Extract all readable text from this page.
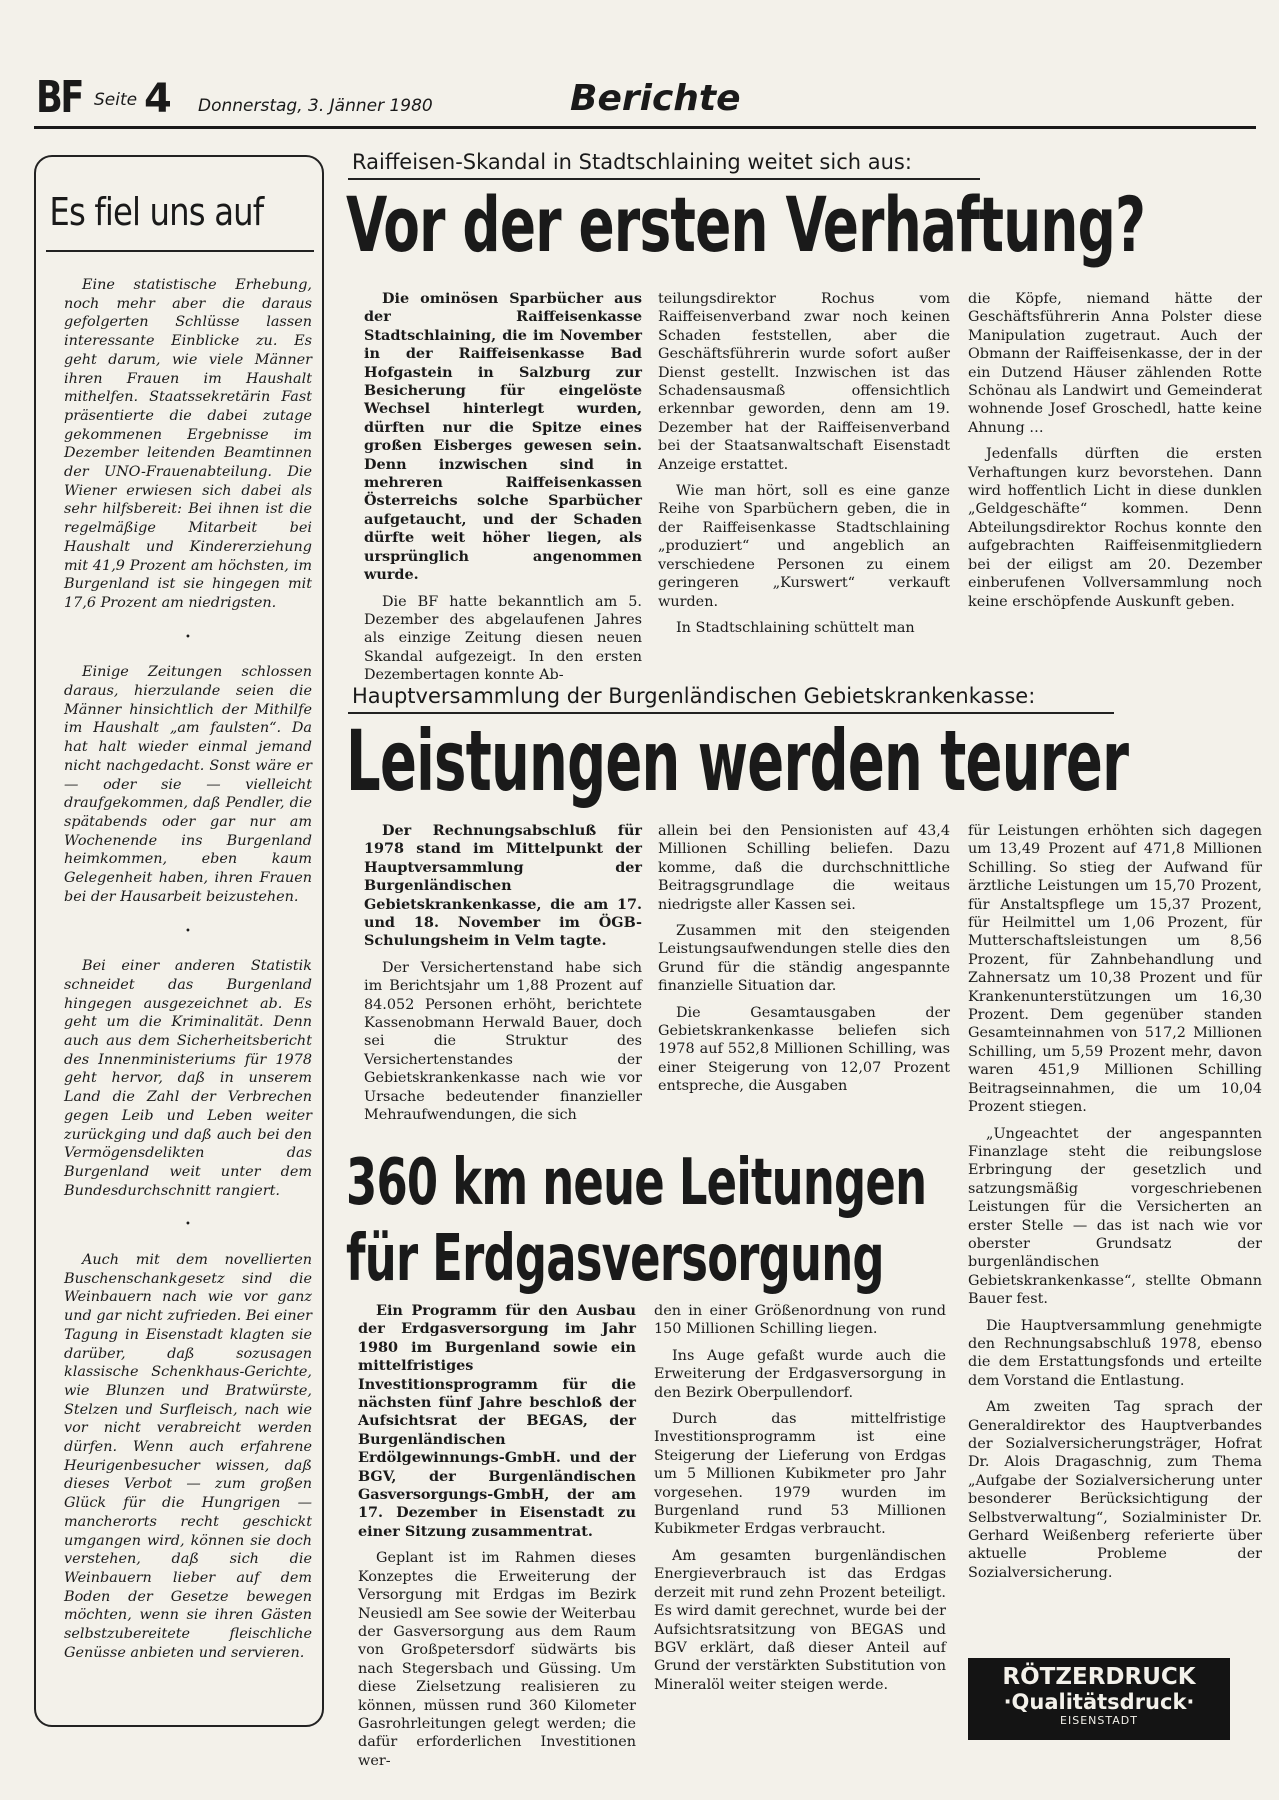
BF Seite 4 Donnerstag, 3. Jänner 1980	Berichte
Es fiel uns auf

Eine statistische Erhebung, noch mehr aber die daraus gefolgerten Schlüsse lassen interessante Einblicke zu. Es geht darum, wie viele Männer ihren Frauen im Haushalt mithelfen. Staatssekretärin Fast präsentierte die dabei zutage gekommenen Ergebnisse im Dezember leitenden Beamtinnen der UNO-Frauenabteilung. Die Wiener erwiesen sich dabei als sehr hilfsbereit: Bei ihnen ist die regelmäßige Mitarbeit bei Haushalt und Kindererziehung mit 41,9 Prozent am höchsten, im Burgenland ist sie hingegen mit 17,6 Prozent am niedrigsten.

•

Einige Zeitungen schlossen daraus, hierzulande seien die Männer hinsichtlich der Mithilfe im Haushalt „am faulsten“. Da hat halt wieder einmal jemand nicht nachgedacht. Sonst wäre er — oder sie — vielleicht draufgekommen, daß Pendler, die spätabends oder gar nur am Wochenende ins Burgenland heimkommen, eben kaum Gelegenheit haben, ihren Frauen bei der Hausarbeit beizustehen.

•

Bei einer anderen Statistik schneidet das Burgenland hingegen ausgezeichnet ab. Es geht um die Kriminalität. Denn auch aus dem Sicherheitsbericht des Innenministeriums für 1978 geht hervor, daß in unserem Land die Zahl der Verbrechen gegen Leib und Leben weiter zurückging und daß auch bei den Vermögensdelikten das Burgenland weit unter dem Bundesdurchschnitt rangiert.

•

Auch mit dem novellierten Buschenschankgesetz sind die Weinbauern nach wie vor ganz und gar nicht zufrieden. Bei einer Tagung in Eisenstadt klagten sie darüber, daß sozusagen klassische Schenkhaus-Gerichte, wie Blunzen und Bratwürste, Stelzen und Surfleisch, nach wie vor nicht verabreicht werden dürfen. Wenn auch erfahrene Heurigenbesucher wissen, daß dieses Verbot — zum großen Glück für die Hungrigen — mancherorts recht geschickt umgangen wird, können sie doch verstehen, daß sich die Weinbauern lieber auf dem Boden der Gesetze bewegen möchten, wenn sie ihren Gästen selbstzubereitete fleischliche Genüsse anbieten und servieren.

Raiffeisen-Skandal in Stadtschlaining weitet sich aus:
Vor der ersten Verhaftung?

Die ominösen Sparbücher aus der Raiffeisenkasse Stadtschlaining, die im November in der Raiffeisenkasse Bad Hofgastein in Salzburg zur Besicherung für eingelöste Wechsel hinterlegt wurden, dürften nur die Spitze eines großen Eisberges gewesen sein. Denn inzwischen sind in mehreren Raiffeisenkassen Österreichs solche Sparbücher aufgetaucht, und der Schaden dürfte weit höher liegen, als ursprünglich angenommen wurde.

Die BF hatte bekanntlich am 5. Dezember des abgelaufenen Jahres als einzige Zeitung diesen neuen Skandal aufgezeigt. In den ersten Dezembertagen konnte Ab-

teilungsdirektor Rochus vom Raiffeisenverband zwar noch keinen Schaden feststellen, aber die Geschäftsführerin wurde sofort außer Dienst gestellt. Inzwischen ist das Schadensausmaß offensichtlich erkennbar geworden, denn am 19. Dezember hat der Raiffeisenverband bei der Staatsanwaltschaft Eisenstadt Anzeige erstattet.

Wie man hört, soll es eine ganze Reihe von Sparbüchern geben, die in der Raiffeisenkasse Stadtschlaining „produziert“ und angeblich an verschiedene Personen zu einem geringeren „Kurswert“ verkauft wurden.

In Stadtschlaining schüttelt man

die Köpfe, niemand hätte der Geschäftsführerin Anna Polster diese Manipulation zugetraut. Auch der Obmann der Raiffeisenkasse, der in der ein Dutzend Häuser zählenden Rotte Schönau als Landwirt und Gemeinderat wohnende Josef Groschedl, hatte keine Ahnung …

Jedenfalls dürften die ersten Verhaftungen kurz bevorstehen. Dann wird hoffentlich Licht in diese dunklen „Geldgeschäfte“ kommen. Denn Abteilungsdirektor Rochus konnte den aufgebrachten Raiffeisenmitgliedern bei der eiligst am 20. Dezember einberufenen Vollversammlung noch keine erschöpfende Auskunft geben.

Hauptversammlung der Burgenländischen Gebietskrankenkasse:
Leistungen werden teurer

Der Rechnungsabschluß für 1978 stand im Mittelpunkt der Hauptversammlung der Burgenländischen Gebietskrankenkasse, die am 17. und 18. November im ÖGB-Schulungsheim in Velm tagte.

Der Versichertenstand habe sich im Berichtsjahr um 1,88 Prozent auf 84.052 Personen erhöht, berichtete Kassenobmann Herwald Bauer, doch sei die Struktur des Versichertenstandes der Gebietskrankenkasse nach wie vor Ursache bedeutender finanzieller Mehraufwendungen, die sich

allein bei den Pensionisten auf 43,4 Millionen Schilling beliefen. Dazu komme, daß die durchschnittliche Beitragsgrundlage die weitaus niedrigste aller Kassen sei.

Zusammen mit den steigenden Leistungsaufwendungen stelle dies den Grund für die ständig angespannte finanzielle Situation dar.

Die Gesamtausgaben der Gebietskrankenkasse beliefen sich 1978 auf 552,8 Millionen Schilling, was einer Steigerung von 12,07 Prozent entspreche, die Ausgaben

für Leistungen erhöhten sich dagegen um 13,49 Prozent auf 471,8 Millionen Schilling. So stieg der Aufwand für ärztliche Leistungen um 15,70 Prozent, für Anstaltspflege um 15,37 Prozent, für Heilmittel um 1,06 Prozent, für Mutterschaftsleistungen um 8,56 Prozent, für Zahnbehandlung und Zahnersatz um 10,38 Prozent und für Krankenunterstützungen um 16,30 Prozent. Dem gegenüber standen Gesamteinnahmen von 517,2 Millionen Schilling, um 5,59 Prozent mehr, davon waren 451,9 Millionen Schilling Beitragseinnahmen, die um 10,04 Prozent stiegen.

„Ungeachtet der angespannten Finanzlage steht die reibungslose Erbringung der gesetzlich und satzungsmäßig vorgeschriebenen Leistungen für die Versicherten an erster Stelle — das ist nach wie vor oberster Grundsatz der burgenländischen Gebietskrankenkasse“, stellte Obmann Bauer fest.

Die Hauptversammlung genehmigte den Rechnungsabschluß 1978, ebenso die dem Erstattungsfonds und erteilte dem Vorstand die Entlastung.

Am zweiten Tag sprach der Generaldirektor des Hauptverbandes der Sozialversicherungsträger, Hofrat Dr. Alois Dragaschnig, zum Thema „Aufgabe der Sozialversicherung unter besonderer Berücksichtigung der Selbstverwaltung“, Sozialminister Dr. Gerhard Weißenberg referierte über aktuelle Probleme der Sozialversicherung.

360 km neue Leitungen
für Erdgasversorgung

Ein Programm für den Ausbau der Erdgasversorgung im Jahr 1980 im Burgenland sowie ein mittelfristiges Investitionsprogramm für die nächsten fünf Jahre beschloß der Aufsichtsrat der BEGAS, der Burgenländischen Erdölgewinnungs-GmbH. und der BGV, der Burgenländischen Gasversorgungs-GmbH, der am 17. Dezember in Eisenstadt zu einer Sitzung zusammentrat.

Geplant ist im Rahmen dieses Konzeptes die Erweiterung der Versorgung mit Erdgas im Bezirk Neusiedl am See sowie der Weiterbau der Gasversorgung aus dem Raum von Großpetersdorf südwärts bis nach Stegersbach und Güssing. Um diese Zielsetzung realisieren zu können, müssen rund 360 Kilometer Gasrohrleitungen gelegt werden; die dafür erforderlichen Investitionen wer-

den in einer Größenordnung von rund 150 Millionen Schilling liegen.

Ins Auge gefaßt wurde auch die Erweiterung der Erdgasversorgung in den Bezirk Oberpullendorf.

Durch das mittelfristige Investitionsprogramm ist eine Steigerung der Lieferung von Erdgas um 5 Millionen Kubikmeter pro Jahr vorgesehen. 1979 wurden im Burgenland rund 53 Millionen Kubikmeter Erdgas verbraucht.

Am gesamten burgenländischen Energieverbrauch ist das Erdgas derzeit mit rund zehn Prozent beteiligt. Es wird damit gerechnet, wurde bei der Aufsichtsratsitzung von BEGAS und BGV erklärt, daß dieser Anteil auf Grund der verstärkten Substitution von Mineralöl weiter steigen werde.	RÖTZERDRUCK
·Qualitätsdruck·
EISENSTADT
